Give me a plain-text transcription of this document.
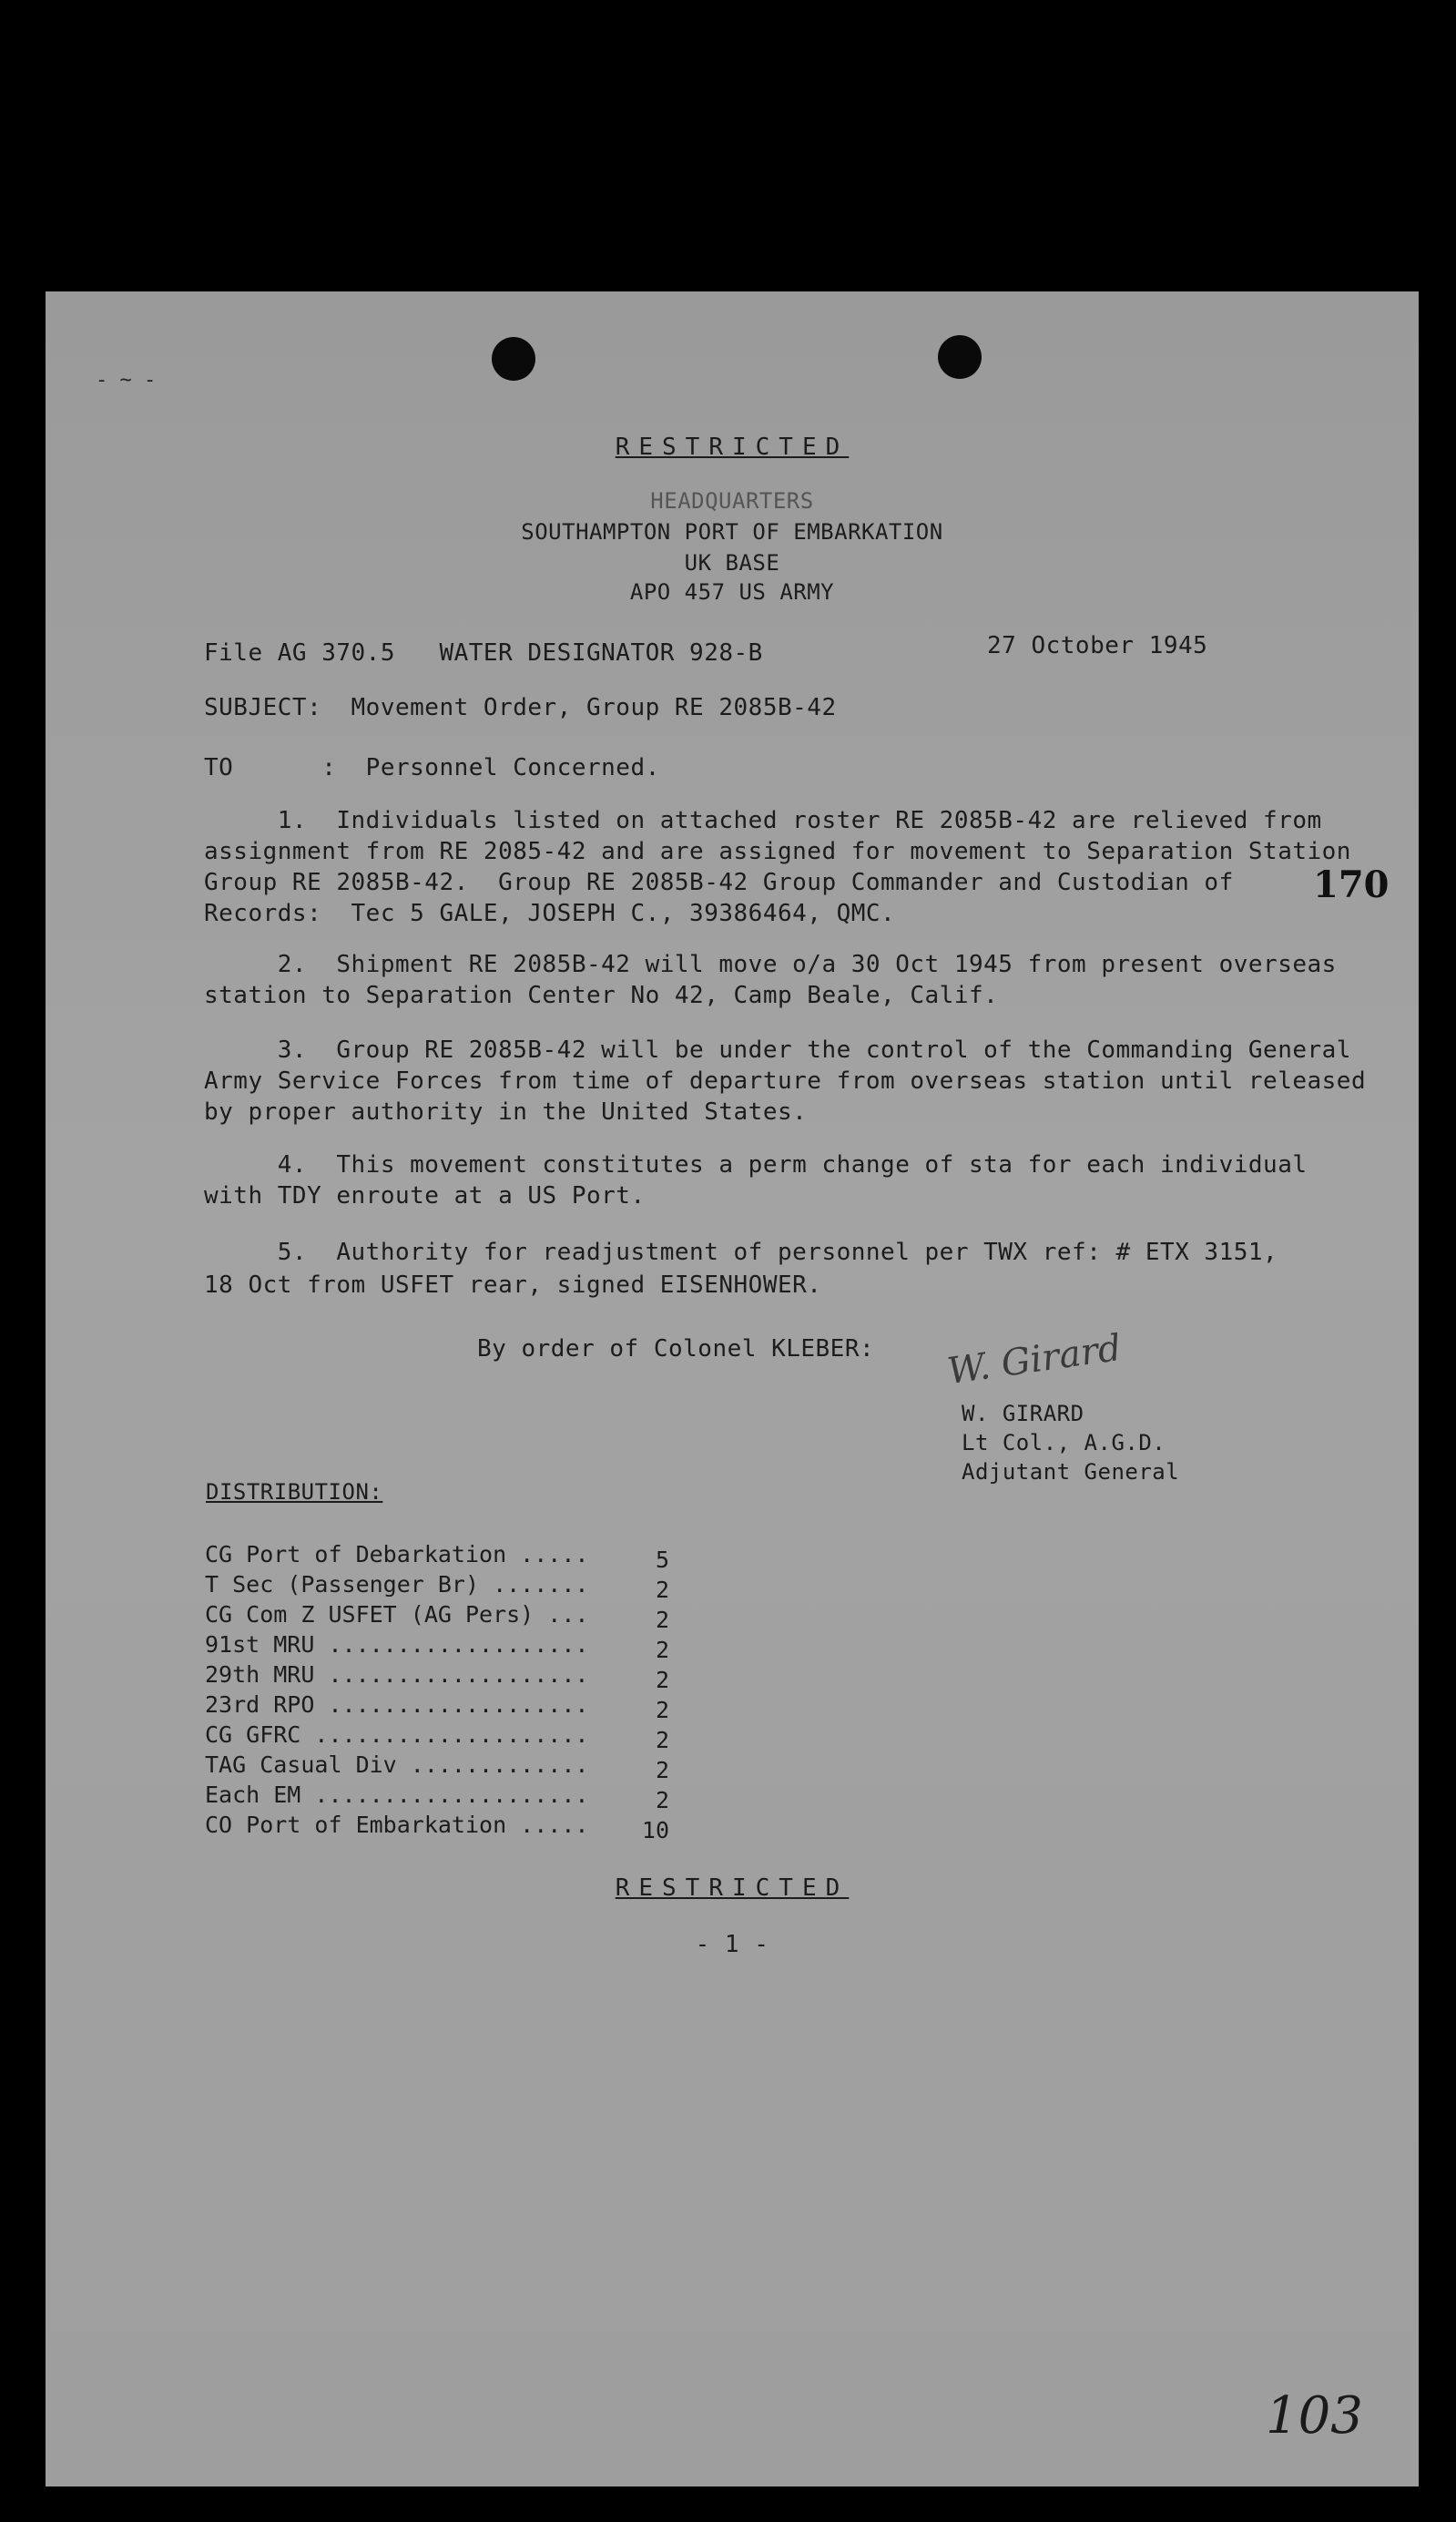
- ~ -
RESTRICTED
HEADQUARTERS
SOUTHAMPTON PORT OF EMBARKATION
UK BASE
APO 457 US ARMY
File AG 370.5   WATER DESIGNATOR 928-B	27 October 1945
SUBJECT:  Movement Order, Group RE 2085B-42
TO      :  Personnel Concerned.
1.  Individuals listed on attached roster RE 2085B-42 are relieved from
assignment from RE 2085-42 and are assigned for movement to Separation Station
Group RE 2085B-42.  Group RE 2085B-42 Group Commander and Custodian of
Records:  Tec 5 GALE, JOSEPH C., 39386464, QMC.
170
2.  Shipment RE 2085B-42 will move o/a 30 Oct 1945 from present overseas
station to Separation Center No 42, Camp Beale, Calif.
3.  Group RE 2085B-42 will be under the control of the Commanding General
Army Service Forces from time of departure from overseas station until released
by proper authority in the United States.
4.  This movement constitutes a perm change of sta for each individual
with TDY enroute at a US Port.
5.  Authority for readjustment of personnel per TWX ref: # ETX 3151,
18 Oct from USFET rear, signed EISENHOWER.
By order of Colonel KLEBER: W. Girard
W. GIRARD
Lt Col., A.G.D.
Adjutant General
DISTRIBUTION:
CG Port of Debarkation .....	5
T Sec (Passenger Br) .......	2
CG Com Z USFET (AG Pers) ...	2
91st MRU ...................	2
29th MRU ...................	2
23rd RPO ...................	2
CG GFRC ....................	2
TAG Casual Div .............	2
Each EM ....................	2
CO Port of Embarkation ..... 10
RESTRICTED
- 1 -
103
